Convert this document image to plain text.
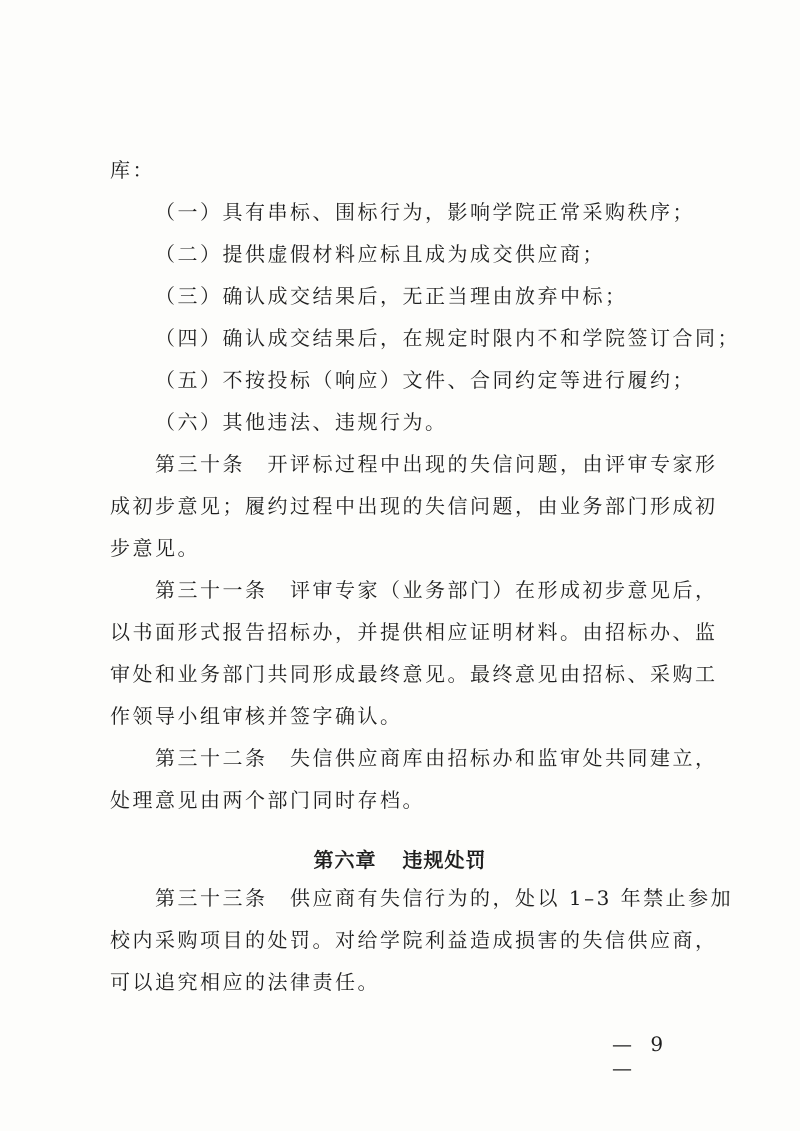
库：
（一）具有串标、围标行为，影响学院正常采购秩序；
（二）提供虚假材料应标且成为成交供应商；
（三）确认成交结果后，无正当理由放弃中标；
（四）确认成交结果后，在规定时限内不和学院签订合同；
（五）不按投标（响应）文件、合同约定等进行履约；
（六）其他违法、违规行为。
第三十条　开评标过程中出现的失信问题，由评审专家形
成初步意见；履约过程中出现的失信问题，由业务部门形成初
步意见。
第三十一条　评审专家（业务部门）在形成初步意见后，
以书面形式报告招标办，并提供相应证明材料。由招标办、监
审处和业务部门共同形成最终意见。最终意见由招标、采购工
作领导小组审核并签字确认。
第三十二条　失信供应商库由招标办和监审处共同建立，
处理意见由两个部门同时存档。
第六章 违规处罚
第三十三条　供应商有失信行为的，处以 1–3 年禁止参加
校内采购项目的处罚。对给学院利益造成损害的失信供应商，
可以追究相应的法律责任。
— 9 —
